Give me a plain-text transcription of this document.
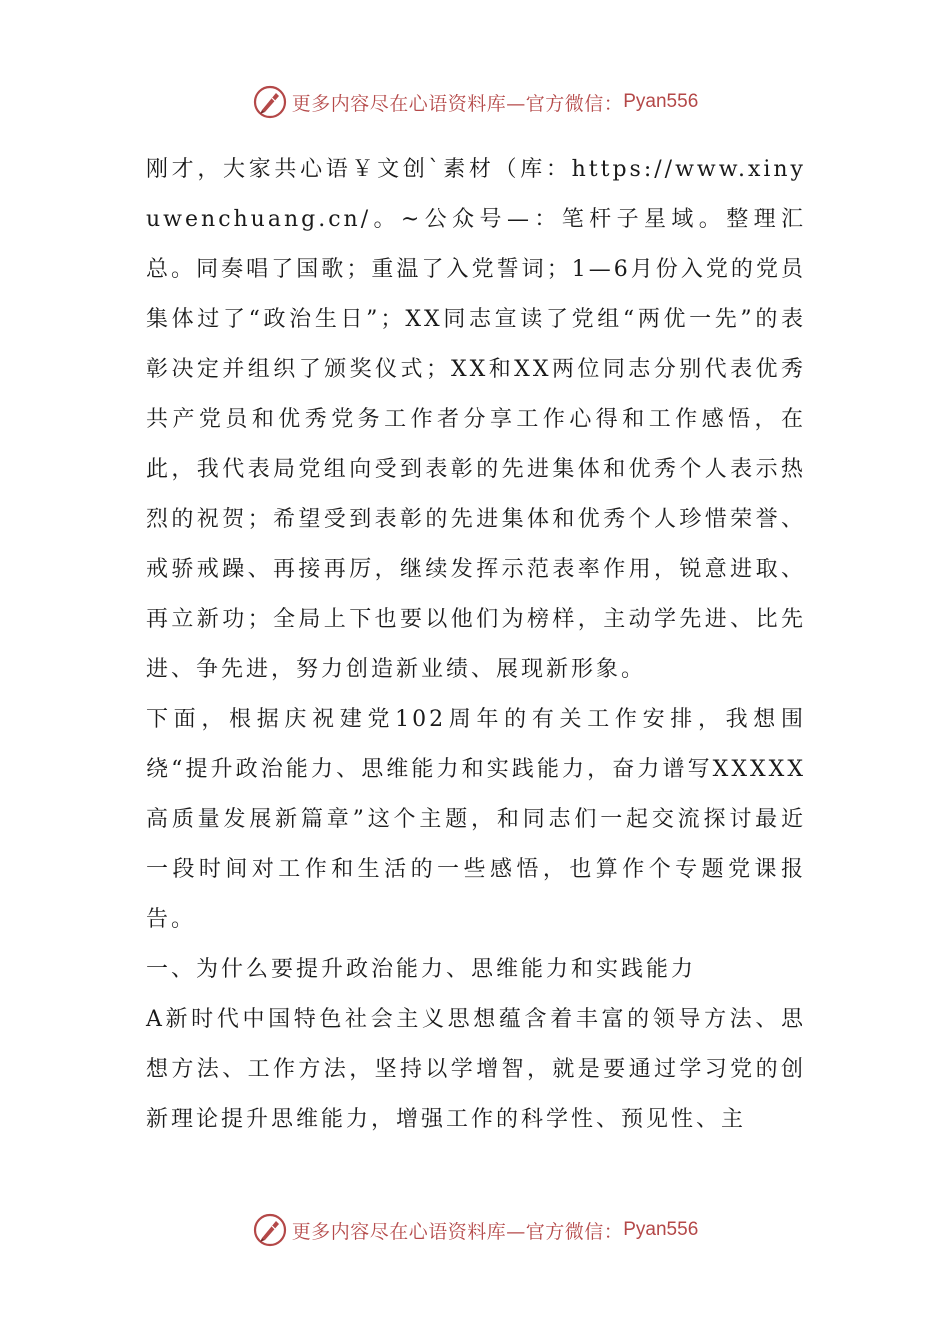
更多内容尽在心语资料库—官方微信： Pyan556

刚才，大家共心语￥文创`素材（库：https://www.xinyuwenchuang.cn/。~公众号—：笔杆子星域。整理汇总。同奏唱了国歌；重温了入党誓词；1—6月份入党的党员集体过了“政治生日”；XX同志宣读了党组“两优一先”的表彰决定并组织了颁奖仪式；XX和XX两位同志分别代表优秀共产党员和优秀党务工作者分享工作心得和工作感悟，在此，我代表局党组向受到表彰的先进集体和优秀个人表示热烈的祝贺；希望受到表彰的先进集体和优秀个人珍惜荣誉、戒骄戒躁、再接再厉，继续发挥示范表率作用，锐意进取、再立新功；全局上下也要以他们为榜样，主动学先进、比先进、争先进，努力创造新业绩、展现新形象。

下面，根据庆祝建党102周年的有关工作安排，我想围绕“提升政治能力、思维能力和实践能力，奋力谱写XXXXX高质量发展新篇章”这个主题，和同志们一起交流探讨最近一段时间对工作和生活的一些感悟，也算作个专题党课报告。

一、为什么要提升政治能力、思维能力和实践能力

A新时代中国特色社会主义思想蕴含着丰富的领导方法、思想方法、工作方法，坚持以学增智，就是要通过学习党的创新理论提升思维能力，增强工作的科学性、预见性、主

更多内容尽在心语资料库—官方微信： Pyan556
